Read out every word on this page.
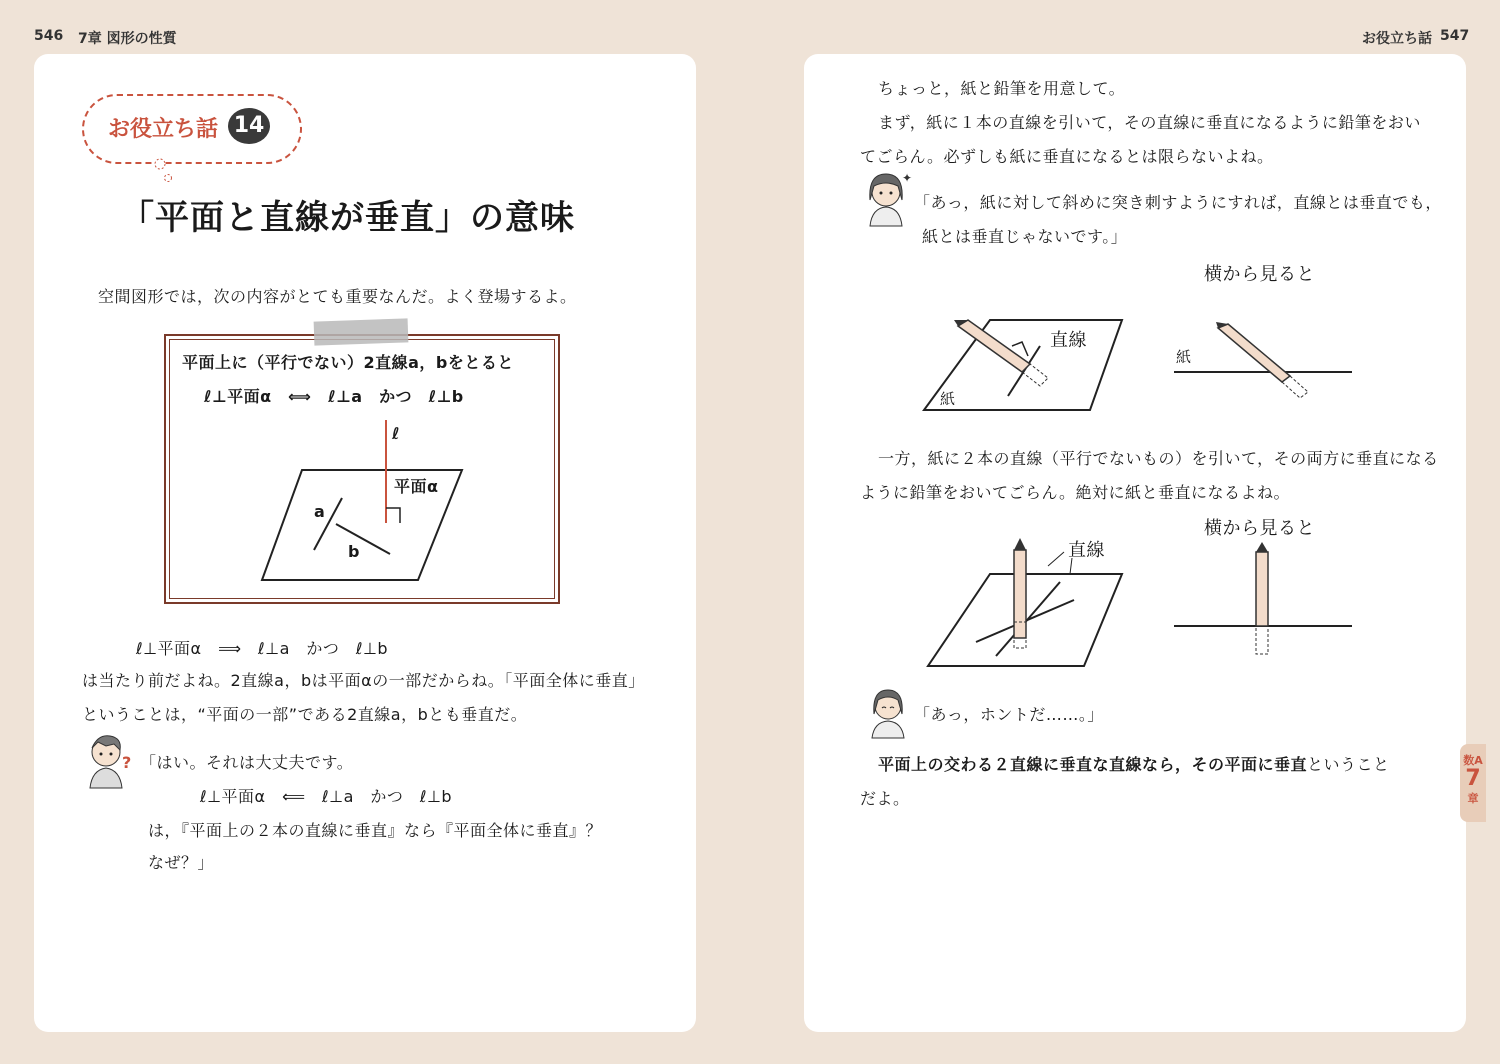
546 7章 図形の性質	お役立ち話 547
お役立ち話 14
「平面と直線が垂直」の意味
空間図形では，次の内容がとても重要なんだ。よく登場するよ。
平面上に（平行でない）2直線a，bをとると
ℓ⊥平面α　⟺　ℓ⊥a　かつ　ℓ⊥b
ℓ
平面α
a
b
ℓ⊥平面α　⟹　ℓ⊥a　かつ　ℓ⊥b
は当たり前だよね。2直線a，bは平面αの一部だからね。「平面全体に垂直」
ということは，“平面の一部”である2直線a，bとも垂直だ。
? 「はい。それは大丈夫です。
ℓ⊥平面α　⟸　ℓ⊥a　かつ　ℓ⊥b
は，『平面上の２本の直線に垂直』なら『平面全体に垂直』？
なぜ？」
ちょっと，紙と鉛筆を用意して。
まず，紙に１本の直線を引いて，その直線に垂直になるように鉛筆をおい
てごらん。必ずしも紙に垂直になるとは限らないよね。
✦
「あっ，紙に対して斜めに突き刺すようにすれば，直線とは垂直でも，
紙とは垂直じゃないです。」
横から見ると
直線
紙
紙
一方，紙に２本の直線（平行でないもの）を引いて，その両方に垂直になる
ように鉛筆をおいてごらん。絶対に紙と垂直になるよね。
横から見ると
直線
「あっ，ホントだ……。」
平面上の交わる２直線に垂直な直線なら，その平面に垂直ということ
だよ。
数A
7
章
